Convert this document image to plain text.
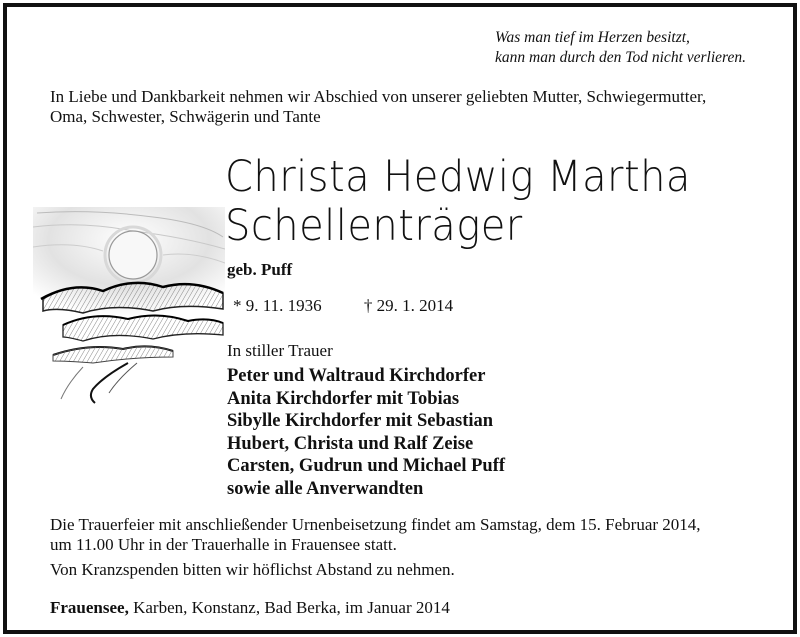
Was man tief im Herzen besitzt,
kann man durch den Tod nicht verlieren.
In Liebe und Dankbarkeit nehmen wir Abschied von unserer geliebten Mutter, Schwiegermutter,
Oma, Schwester, Schwägerin und Tante
Christa Hedwig Martha
Schellenträger
geb. Puff
* 9. 11. 1936 † 29. 1. 2014
In stiller Trauer
Peter und Waltraud Kirchdorfer
Anita Kirchdorfer mit Tobias
Sibylle Kirchdorfer mit Sebastian
Hubert, Christa und Ralf Zeise
Carsten, Gudrun und Michael Puff
sowie alle Anverwandten
Die Trauerfeier mit anschließender Urnenbeisetzung findet am Samstag, dem 15. Februar 2014,
um 11.00 Uhr in der Trauerhalle in Frauensee statt.
Von Kranzspenden bitten wir höflichst Abstand zu nehmen.
Frauensee, Karben, Konstanz, Bad Berka, im Januar 2014
